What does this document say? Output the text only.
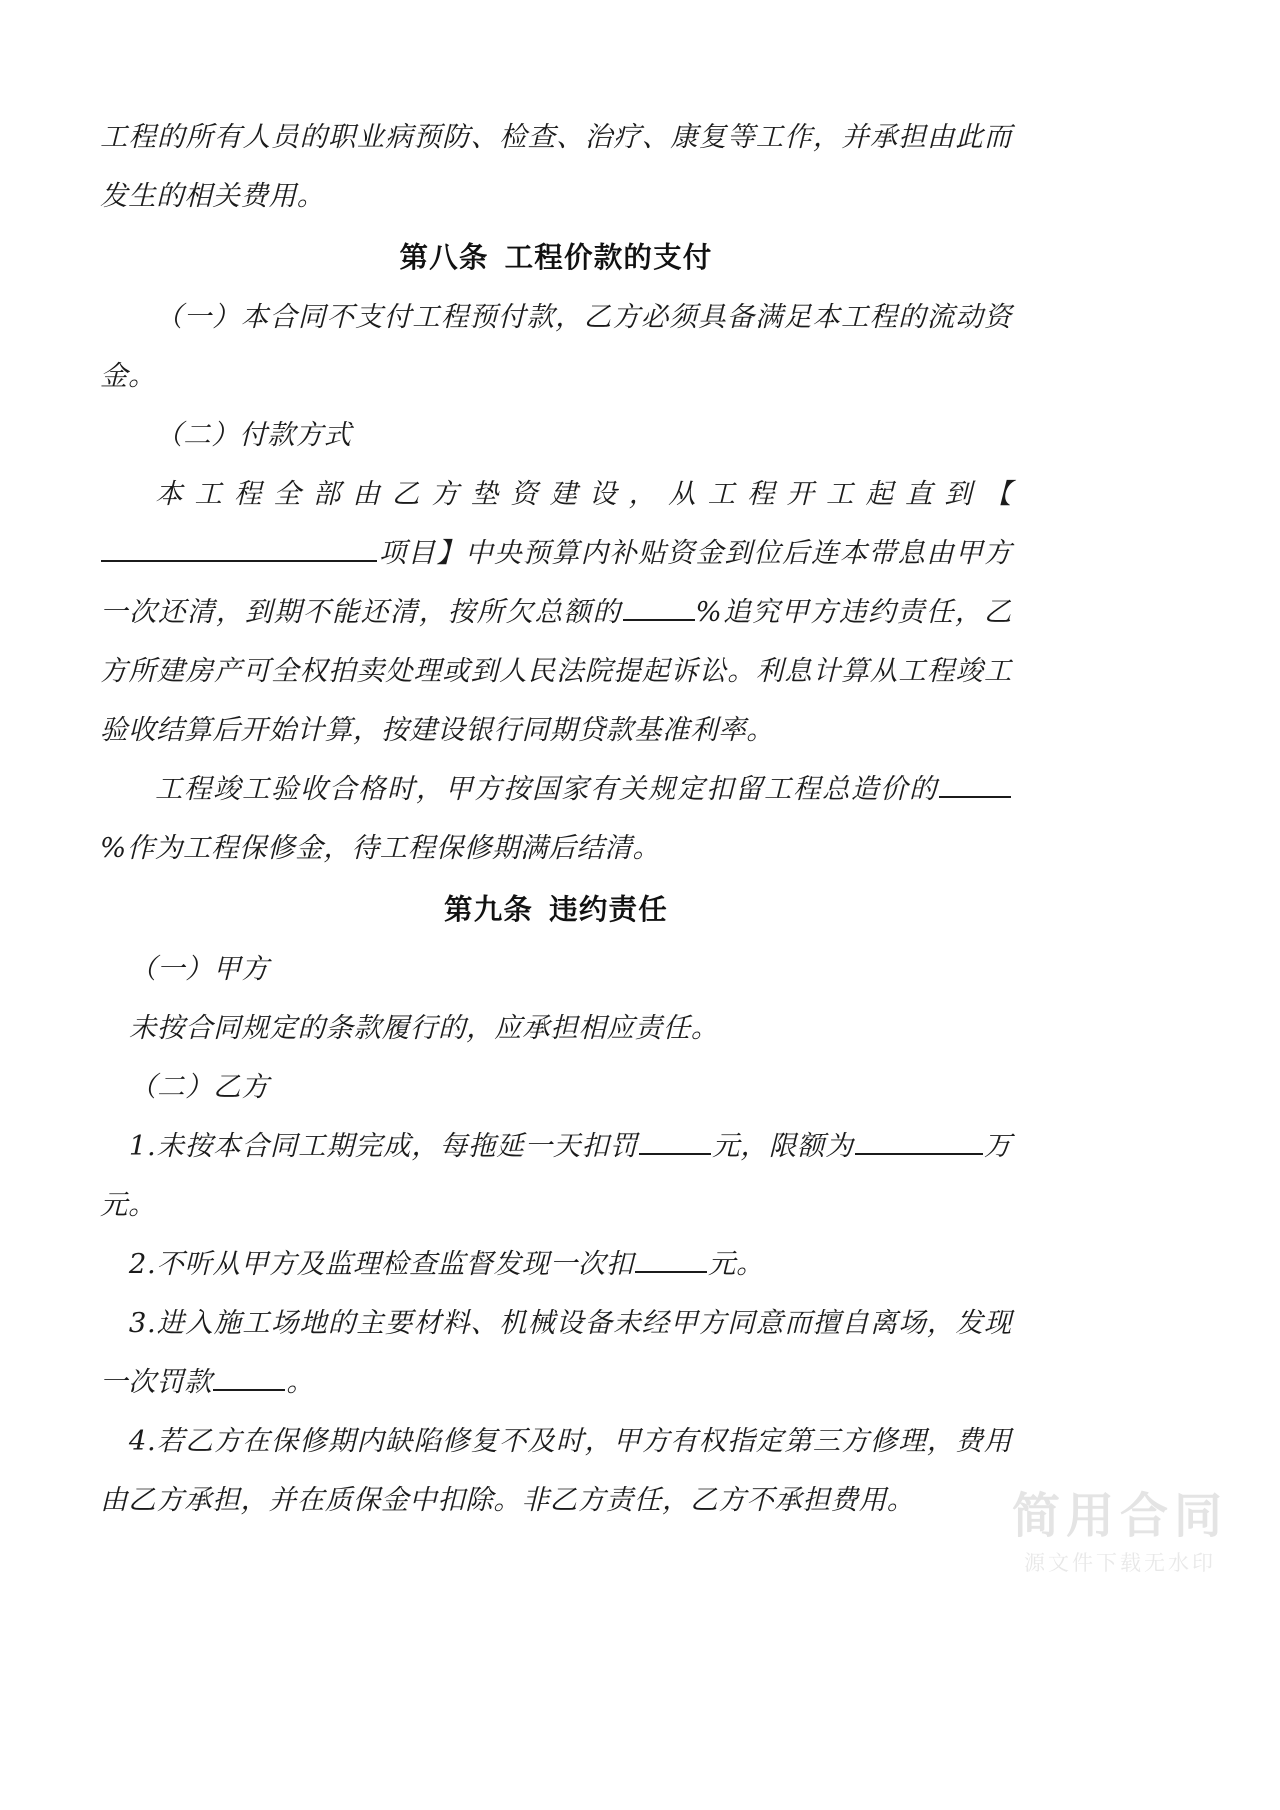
工程的所有人员的职业病预防、检查、治疗、康复等工作，并承担由此而发生的相关费用。

第八条 工程价款的支付

（一）本合同不支付工程预付款，乙方必须具备满足本工程的流动资金。

（二）付款方式

本工程全部由乙方垫资建设，从工程开工起直到【项目】中央预算内补贴资金到位后连本带息由甲方一次还清，到期不能还清，按所欠总额的	%追究甲方违约责任，乙方所建房产可全权拍卖处理或到人民法院提起诉讼。利息计算从工程竣工验收结算后开始计算，按建设银行同期贷款基准利率。

工程竣工验收合格时，甲方按国家有关规定扣留工程总造价的%作为工程保修金，待工程保修期满后结清。

第九条 违约责任

（一）甲方

未按合同规定的条款履行的，应承担相应责任。

（二）乙方

1.未按本合同工期完成，每拖延一天扣罚	元，限额为	万元。

2.不听从甲方及监理检查监督发现一次扣	元。

3.进入施工场地的主要材料、机械设备未经甲方同意而擅自离场，发现一次罚款	。

4.若乙方在保修期内缺陷修复不及时，甲方有权指定第三方修理，费用由乙方承担，并在质保金中扣除。非乙方责任，乙方不承担费用。	简用合同
源文件下载无水印
